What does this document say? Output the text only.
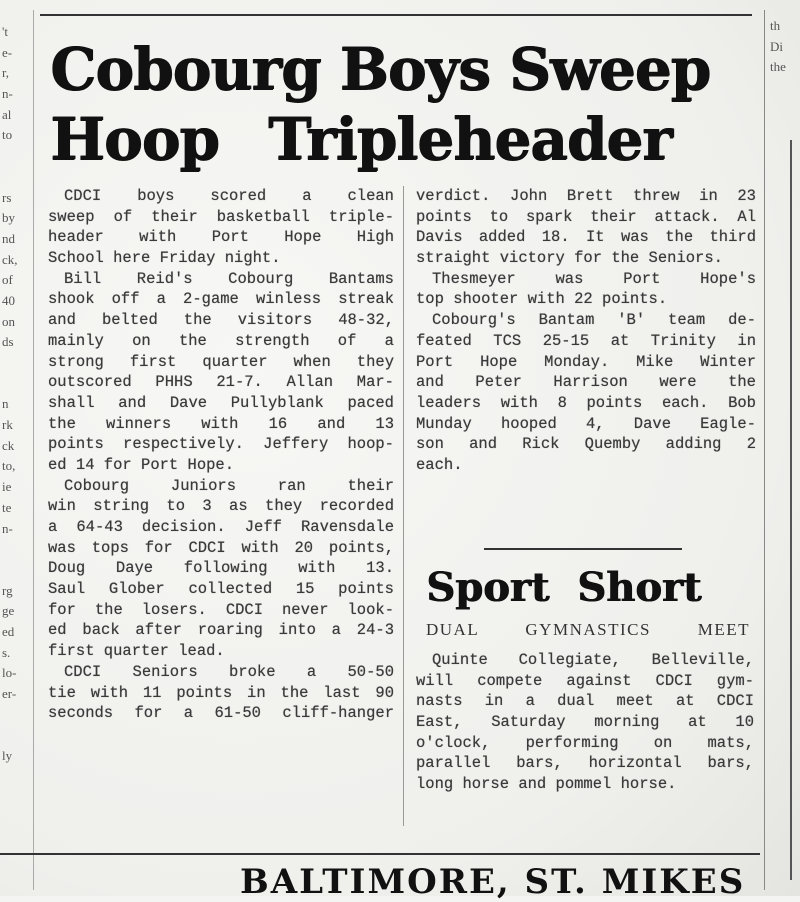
Cobourg Boys Sweep
Hoop Tripleheader
CDCI boys scored a clean
sweep of their basketball triple-
header with Port Hope High
School here Friday night.
Bill Reid's Cobourg Bantams
shook off a 2-game winless streak
and belted the visitors 48-32,
mainly on the strength of a
strong first quarter when they
outscored PHHS 21-7. Allan Mar-
shall and Dave Pullyblank paced
the winners with 16 and 13
points respectively. Jeffery hoop-
ed 14 for Port Hope.
Cobourg Juniors ran their
win string to 3 as they recorded
a 64-43 decision. Jeff Ravensdale
was tops for CDCI with 20 points,
Doug Daye following with 13.
Saul Glober collected 15 points
for the losers. CDCI never look-
ed back after roaring into a 24-3
first quarter lead.
CDCI Seniors broke a 50-50
tie with 11 points in the last 90
seconds for a 61-50 cliff-hanger
verdict. John Brett threw in 23
points to spark their attack. Al
Davis added 18. It was the third
straight victory for the Seniors.
Thesmeyer was Port Hope's
top shooter with 22 points.
Cobourg's Bantam 'B' team de-
feated TCS 25-15 at Trinity in
Port Hope Monday. Mike Winter
and Peter Harrison were the
leaders with 8 points each. Bob
Munday hooped 4, Dave Eagle-
son and Rick Quemby adding 2
each.
Sport Short
DUAL GYMNASTICS MEET
Quinte Collegiate, Belleville,
will compete against CDCI gym-
nasts in a dual meet at CDCI
East, Saturday morning at 10
o'clock, performing on mats,
parallel bars, horizontal bars,
long horse and pommel horse.
BALTIMORE, ST. MIKES
't
e-
r,
n-
al
to
rs
by
nd
ck,
of
40
on
ds
n
rk
ck
to,
ie
te
n-
rg
ge
ed
s.
lo-
er-
ly
th
Di
the
